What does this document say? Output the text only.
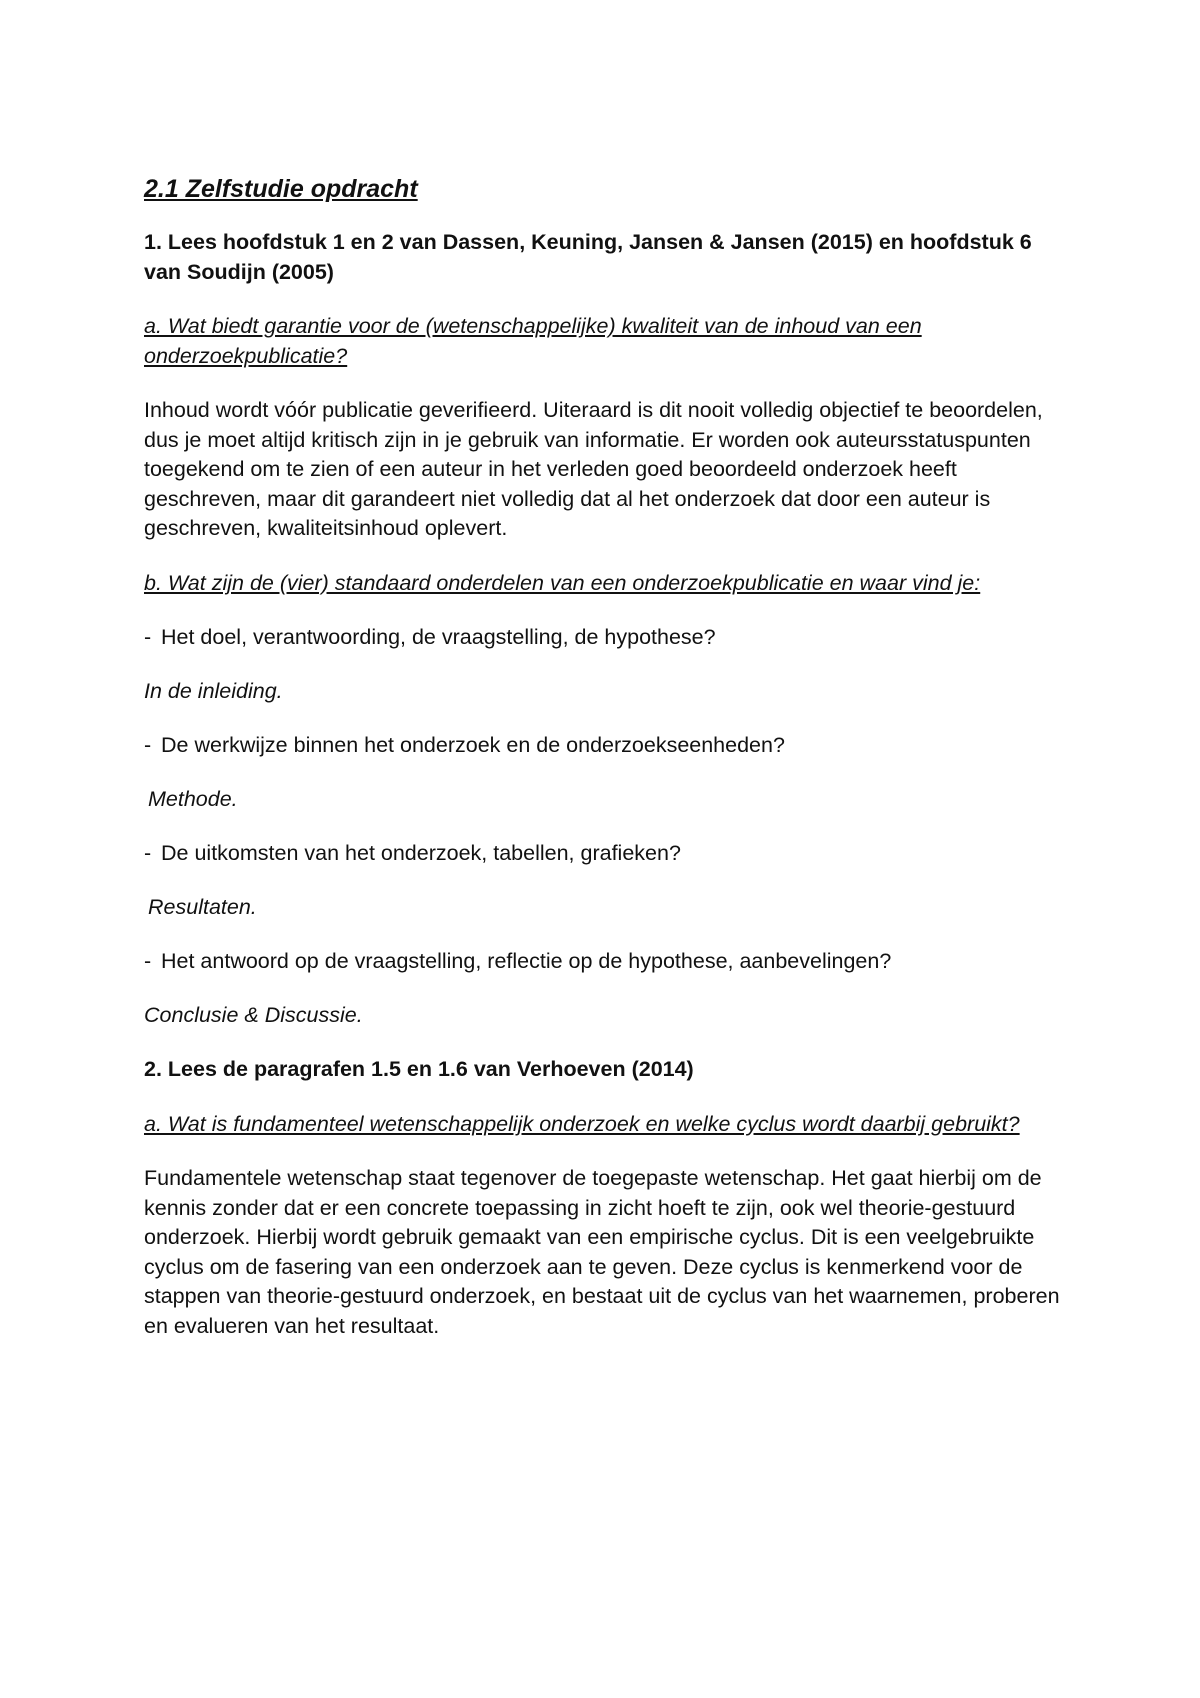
2.1 Zelfstudie opdracht

1. Lees hoofdstuk 1 en 2 van Dassen, Keuning, Jansen & Jansen (2015) en hoofdstuk 6 van Soudijn (2005)

a. Wat biedt garantie voor de (wetenschappelijke) kwaliteit van de inhoud van een onderzoekpublicatie?

Inhoud wordt vóór publicatie geverifieerd. Uiteraard is dit nooit volledig objectief te beoordelen, dus je moet altijd kritisch zijn in je gebruik van informatie. Er worden ook auteursstatuspunten toegekend om te zien of een auteur in het verleden goed beoordeeld onderzoek heeft geschreven, maar dit garandeert niet volledig dat al het onderzoek dat door een auteur is geschreven, kwaliteitsinhoud oplevert.

b. Wat zijn de (vier) standaard onderdelen van een onderzoekpublicatie en waar vind je:

- Het doel, verantwoording, de vraagstelling, de hypothese?

In de inleiding.

- De werkwijze binnen het onderzoek en de onderzoekseenheden?

Methode.

- De uitkomsten van het onderzoek, tabellen, grafieken?

Resultaten.

- Het antwoord op de vraagstelling, reflectie op de hypothese, aanbevelingen?

Conclusie & Discussie.

2. Lees de paragrafen 1.5 en 1.6 van Verhoeven (2014)

a. Wat is fundamenteel wetenschappelijk onderzoek en welke cyclus wordt daarbij gebruikt?

Fundamentele wetenschap staat tegenover de toegepaste wetenschap. Het gaat hierbij om de kennis zonder dat er een concrete toepassing in zicht hoeft te zijn, ook wel theorie-gestuurd onderzoek. Hierbij wordt gebruik gemaakt van een empirische cyclus. Dit is een veelgebruikte cyclus om de fasering van een onderzoek aan te geven. Deze cyclus is kenmerkend voor de stappen van theorie-gestuurd onderzoek, en bestaat uit de cyclus van het waarnemen, proberen en evalueren van het resultaat.
